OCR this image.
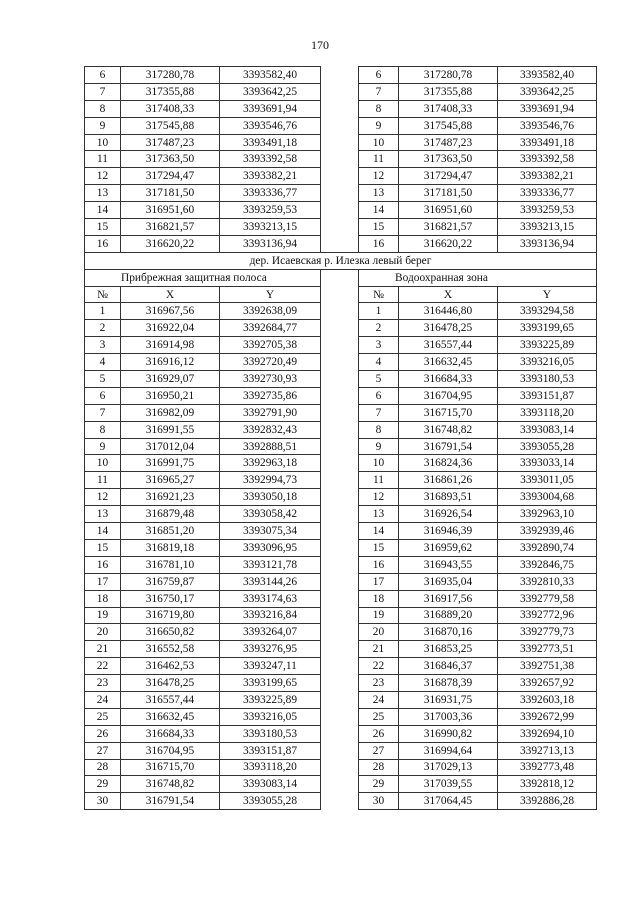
170
6	317280,78	3393582,40		6	317280,78	3393582,40
7	317355,88	3393642,25		7	317355,88	3393642,25
8	317408,33	3393691,94		8	317408,33	3393691,94
9	317545,88	3393546,76		9	317545,88	3393546,76
10	317487,23	3393491,18		10	317487,23	3393491,18
11	317363,50	3393392,58		11	317363,50	3393392,58
12	317294,47	3393382,21		12	317294,47	3393382,21
13	317181,50	3393336,77		13	317181,50	3393336,77
14	316951,60	3393259,53		14	316951,60	3393259,53
15	316821,57	3393213,15		15	316821,57	3393213,15
16	316620,22	3393136,94		16	316620,22	3393136,94
дер. Исаевская р. Илезка левый берег						
Прибрежная защитная полоса				Водоохранная зона		
№	X	Y		№	X	Y
1	316967,56	3392638,09		1	316446,80	3393294,58
2	316922,04	3392684,77		2	316478,25	3393199,65
3	316914,98	3392705,38		3	316557,44	3393225,89
4	316916,12	3392720,49		4	316632,45	3393216,05
5	316929,07	3392730,93		5	316684,33	3393180,53
6	316950,21	3392735,86		6	316704,95	3393151,87
7	316982,09	3392791,90		7	316715,70	3393118,20
8	316991,55	3392832,43		8	316748,82	3393083,14
9	317012,04	3392888,51		9	316791,54	3393055,28
10	316991,75	3392963,18		10	316824,36	3393033,14
11	316965,27	3392994,73		11	316861,26	3393011,05
12	316921,23	3393050,18		12	316893,51	3393004,68
13	316879,48	3393058,42		13	316926,54	3392963,10
14	316851,20	3393075,34		14	316946,39	3392939,46
15	316819,18	3393096,95		15	316959,62	3392890,74
16	316781,10	3393121,78		16	316943,55	3392846,75
17	316759,87	3393144,26		17	316935,04	3392810,33
18	316750,17	3393174,63		18	316917,56	3392779,58
19	316719,80	3393216,84		19	316889,20	3392772,96
20	316650,82	3393264,07		20	316870,16	3392779,73
21	316552,58	3393276,95		21	316853,25	3392773,51
22	316462,53	3393247,11		22	316846,37	3392751,38
23	316478,25	3393199,65		23	316878,39	3392657,92
24	316557,44	3393225,89		24	316931,75	3392603,18
25	316632,45	3393216,05		25	317003,36	3392672,99
26	316684,33	3393180,53		26	316990,82	3392694,10
27	316704,95	3393151,87		27	316994,64	3392713,13
28	316715,70	3393118,20		28	317029,13	3392773,48
29	316748,82	3393083,14		29	317039,55	3392818,12
30	316791,54	3393055,28		30	317064,45	3392886,28
